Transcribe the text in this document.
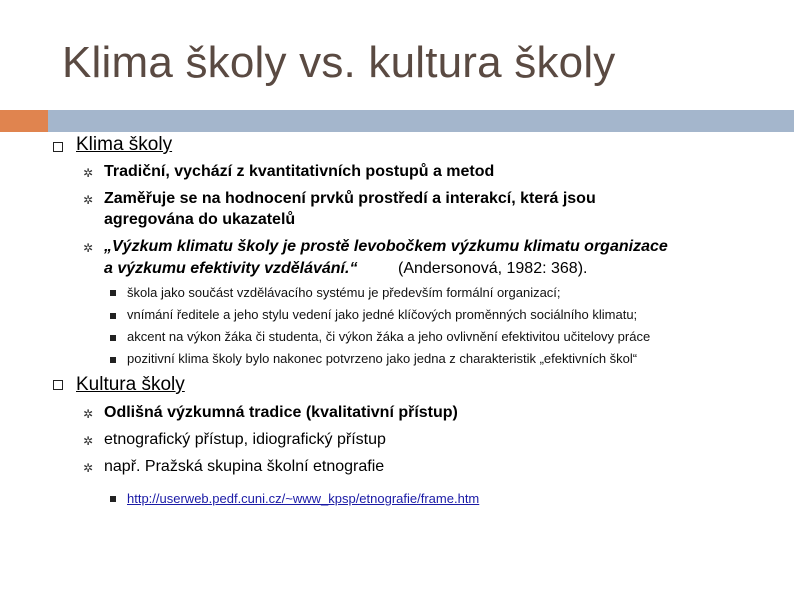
Klima školy vs. kultura školy
Klima školy
✲ Tradiční, vychází z kvantitativních postupů a metod
✲ Zaměřuje se na hodnocení prvků prostředí a interakcí, která jsou
agregována do ukazatelů
✲ „Výzkum klimatu školy je prostě levobočkem výzkumu klimatu organizace
a výzkumu efektivity vzdělávání.“	(Andersonová, 1982: 368).
škola jako součást vzdělávacího systému je především formální organizací;
vnímání ředitele a jeho stylu vedení jako jedné klíčových proměnných sociálního klimatu;
akcent na výkon žáka či studenta, či výkon žáka a jeho ovlivnění efektivitou učitelovy práce
pozitivní klima školy bylo nakonec potvrzeno jako jedna z charakteristik „efektivních škol“
Kultura školy
✲ Odlišná výzkumná tradice (kvalitativní přístup)
✲ etnografický přístup, idiografický přístup
✲ např. Pražská skupina školní etnografie
http://userweb.pedf.cuni.cz/~www_kpsp/etnografie/frame.htm
